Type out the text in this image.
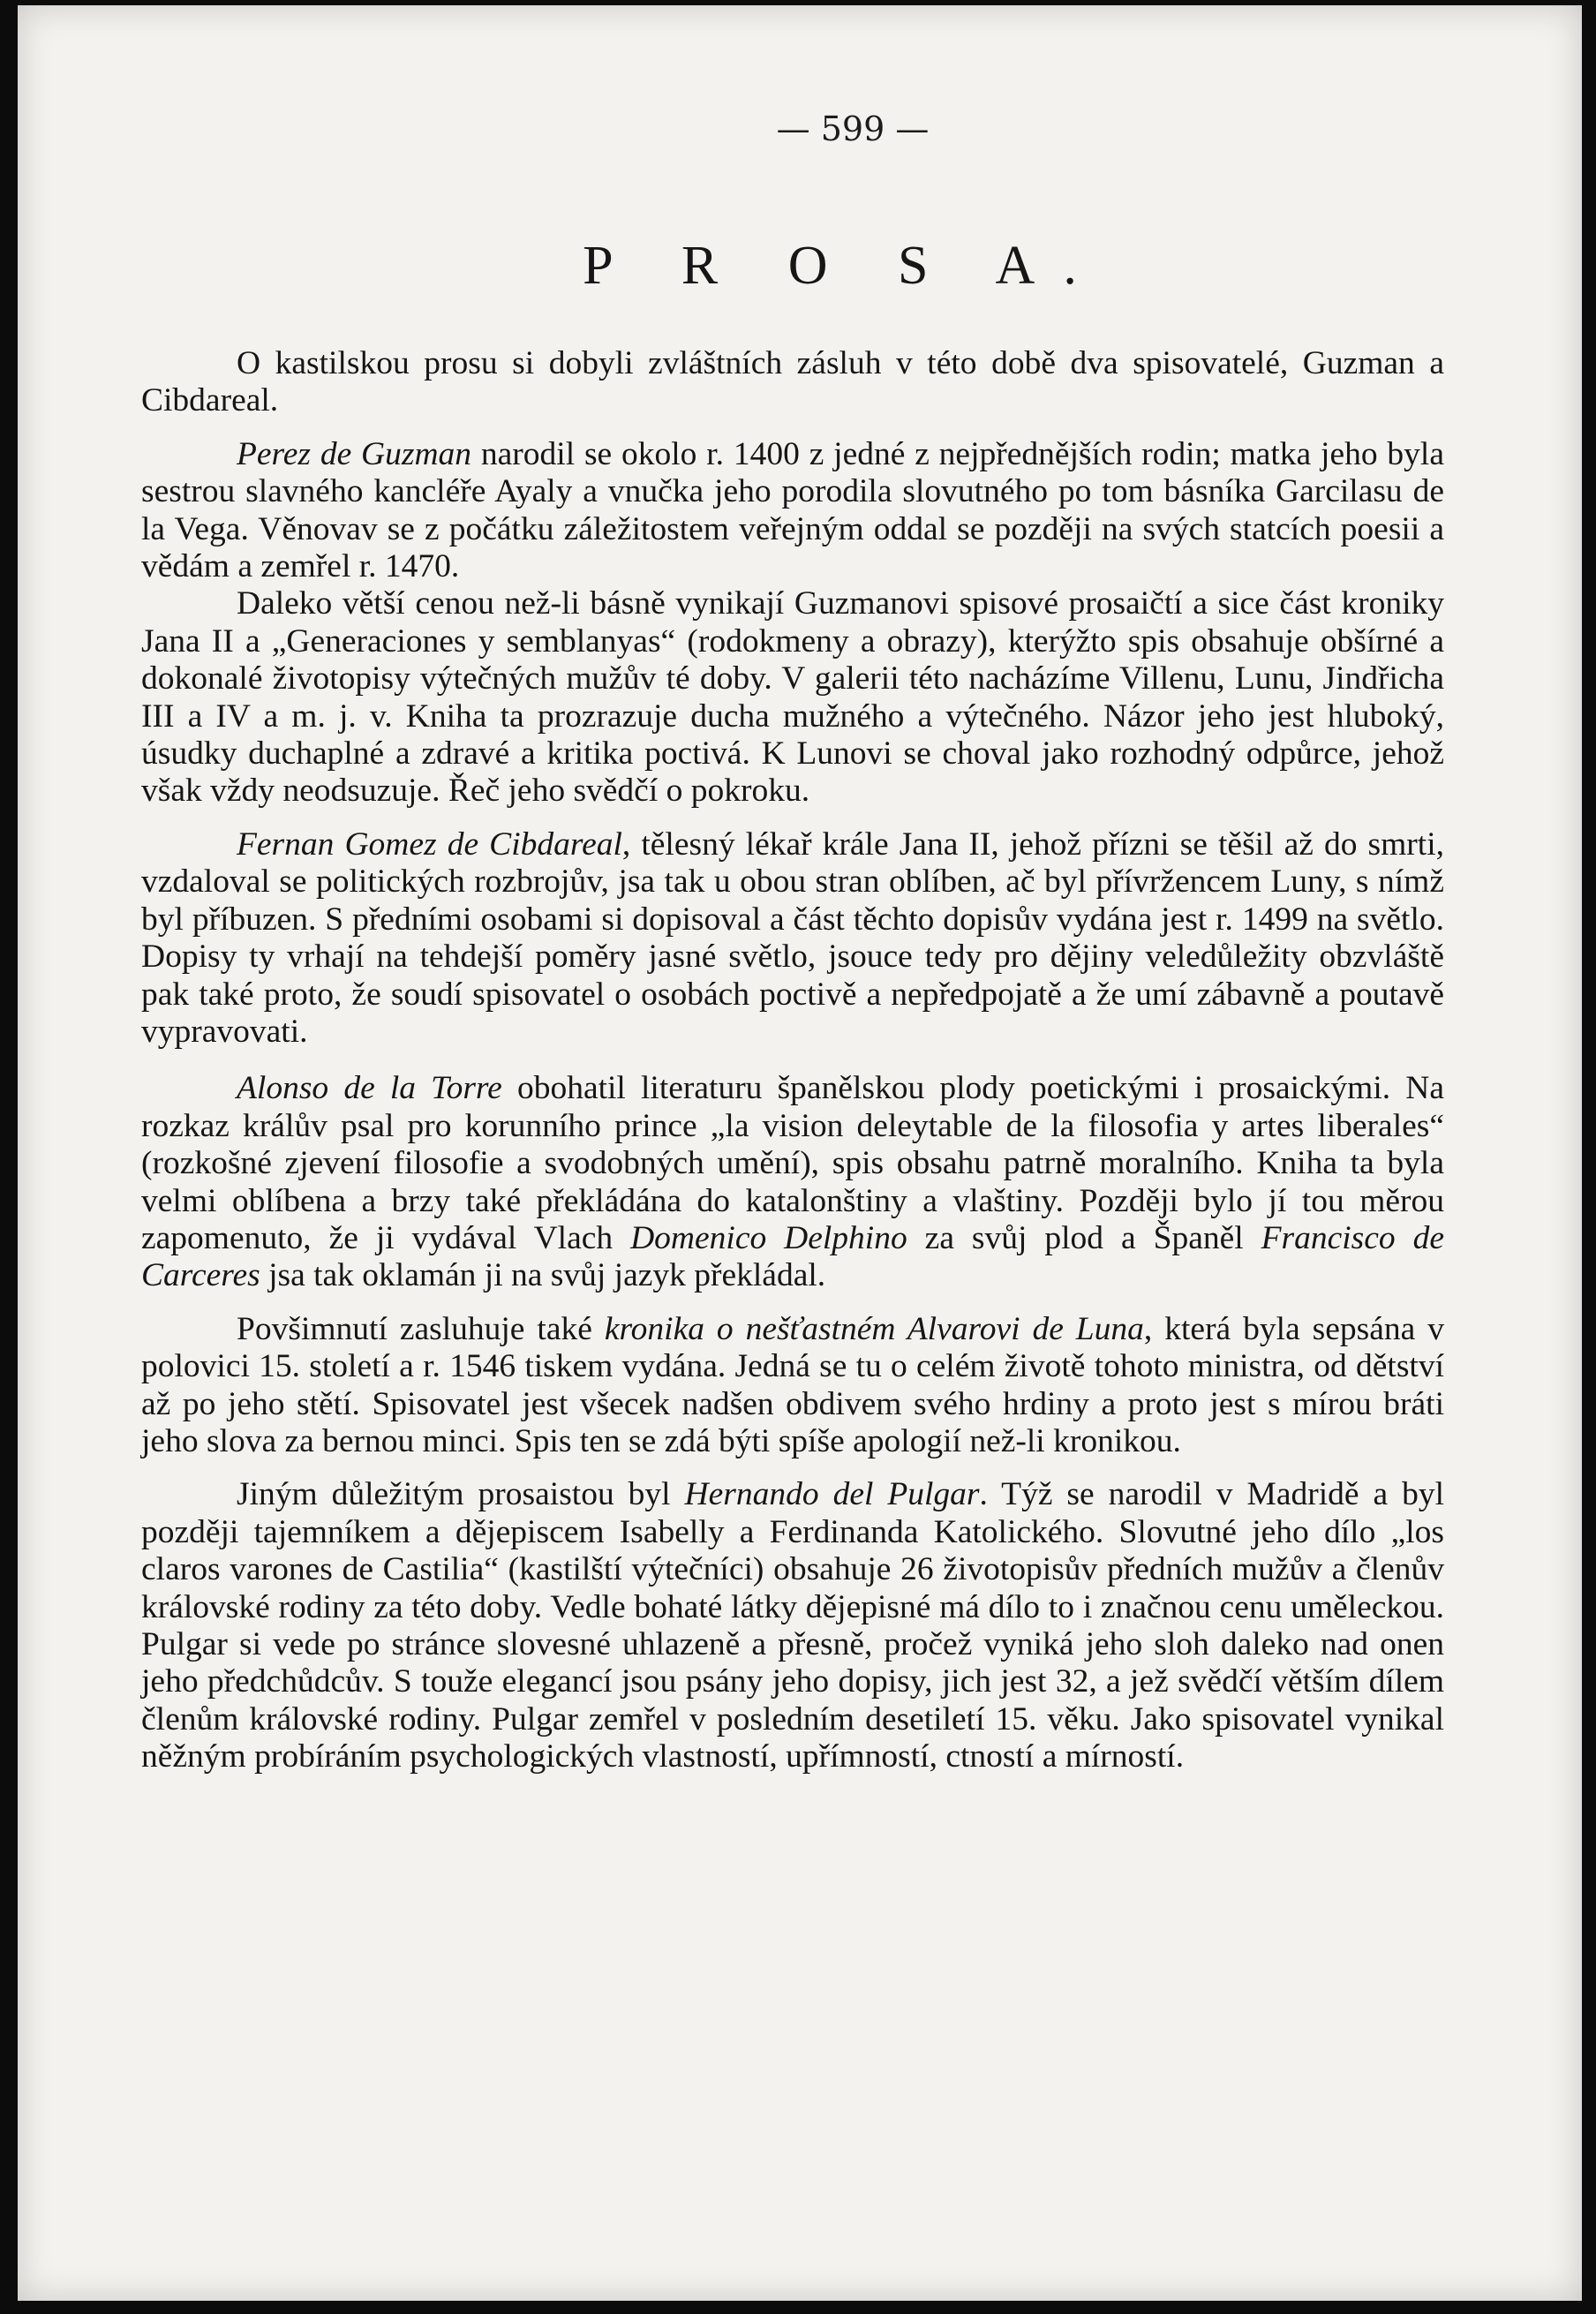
— 599 —
P R O S A.

O kastilskou prosu si dobyli zvláštních zásluh v této době dva spisovatelé, Guzman a Cibdareal.

Perez de Guzman narodil se okolo r. 1400 z jedné z nejpřednějších rodin; matka jeho byla sestrou slavného kancléře Ayaly a vnučka jeho porodila slovutného po tom básníka Garcilasu de la Vega. Věnovav se z počátku záležitostem veřejným oddal se později na svých statcích poesii a vědám a zemřel r. 1470.

Daleko větší cenou než-li básně vynikají Guzmanovi spisové prosaičtí a sice část kroniky Jana II a „Generaciones y semblanyas“ (rodokmeny a obrazy), kterýžto spis obsahuje obšírné a dokonalé životopisy výtečných mužův té doby. V galerii této nacházíme Villenu, Lunu, Jindřicha III a IV a m. j. v. Kniha ta prozrazuje ducha mužného a výtečného. Názor jeho jest hluboký, úsudky duchaplné a zdravé a kritika poctivá. K Lunovi se choval jako rozhodný odpůrce, jehož však vždy neodsuzuje. Řeč jeho svědčí o pokroku.

Fernan Gomez de Cibdareal, tělesný lékař krále Jana II, jehož přízni se těšil až do smrti, vzdaloval se politických rozbrojův, jsa tak u obou stran oblíben, ač byl přívržencem Luny, s nímž byl příbuzen. S předními osobami si dopisoval a část těchto dopisův vydána jest r. 1499 na světlo. Dopisy ty vrhají na tehdejší poměry jasné světlo, jsouce tedy pro dějiny veledůležity obzvláště pak také proto, že soudí spisovatel o osobách poctivě a nepředpojatě a že umí zábavně a poutavě vypravovati.

Alonso de la Torre obohatil literaturu španělskou plody poetickými i prosaickými. Na rozkaz králův psal pro korunního prince „la vision deleytable de la filosofia y artes liberales“ (rozkošné zjevení filosofie a svodobných umění), spis obsahu patrně moralního. Kniha ta byla velmi oblíbena a brzy také překládána do katalonštiny a vlaštiny. Později bylo jí tou měrou zapomenuto, že ji vydával Vlach Domenico Delphino za svůj plod a Španěl Francisco de Carceres jsa tak oklamán ji na svůj jazyk překládal.

Povšimnutí zasluhuje také kronika o nešťastném Alvarovi de Luna, která byla sepsána v polovici 15. století a r. 1546 tiskem vydána. Jedná se tu o celém životě tohoto ministra, od dětství až po jeho stětí. Spisovatel jest všecek nadšen obdivem svého hrdiny a proto jest s mírou bráti jeho slova za bernou minci. Spis ten se zdá býti spíše apologií než-li kronikou.

Jiným důležitým prosaistou byl Hernando del Pulgar. Týž se narodil v Madridě a byl později tajemníkem a dějepiscem Isabelly a Ferdinanda Katolického. Slovutné jeho dílo „los claros varones de Castilia“ (kastilští výtečníci) obsahuje 26 životopisův předních mužův a členův královské rodiny za této doby. Vedle bohaté látky dějepisné má dílo to i značnou cenu uměleckou. Pulgar si vede po stránce slovesné uhlazeně a přesně, pročež vyniká jeho sloh daleko nad onen jeho předchůdcův. S touže elegancí jsou psány jeho dopisy, jich jest 32, a jež svědčí větším dílem členům královské rodiny. Pulgar zemřel v posledním desetiletí 15. věku. Jako spisovatel vynikal něžným probíráním psychologických vlastností, upřímností, ctností a mírností.
